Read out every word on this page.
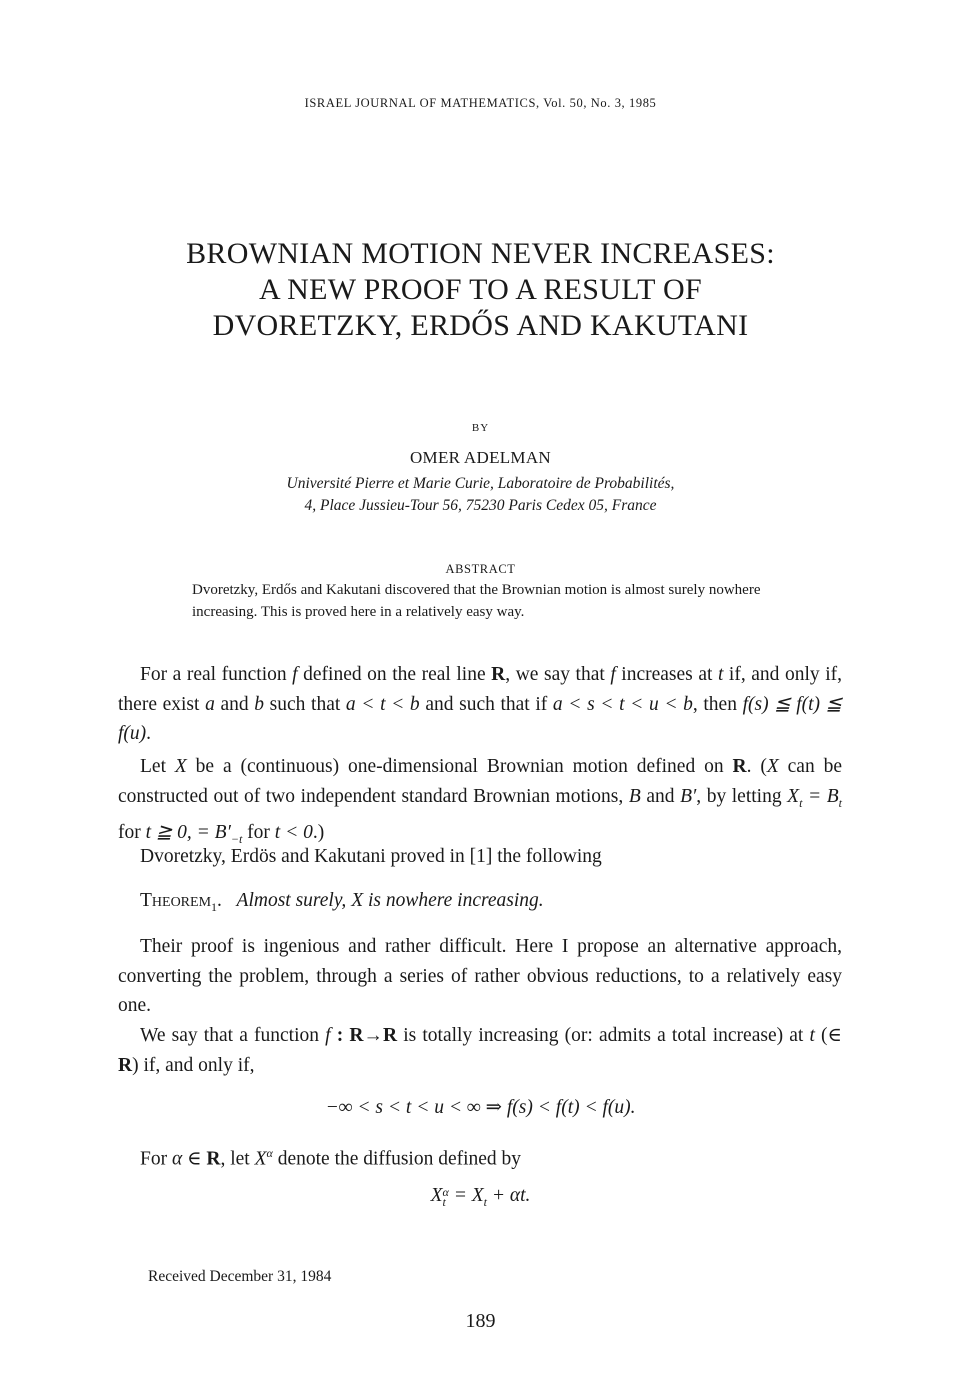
ISRAEL JOURNAL OF MATHEMATICS, Vol. 50, No. 3, 1985
BROWNIAN MOTION NEVER INCREASES:
A NEW PROOF TO A RESULT OF
DVORETZKY, ERDŐS AND KAKUTANI
BY
OMER ADELMAN
Université Pierre et Marie Curie, Laboratoire de Probabilités,
4, Place Jussieu-Tour 56, 75230 Paris Cedex 05, France
ABSTRACT
Dvoretzky, Erdős and Kakutani discovered that the Brownian motion is almost surely nowhere increasing. This is proved here in a relatively easy way.
For a real function f defined on the real line R, we say that f increases at t if, and only if, there exist a and b such that a < t < b and such that if a < s < t < u < b, then f(s) ≦ f(t) ≦ f(u).
Let X be a (continuous) one-dimensional Brownian motion defined on R. (X can be constructed out of two independent standard Brownian motions, B and B′, by letting $X_t = B_t$ for t ≧ 0, = $B'_{-t}$ for t < 0.)
Dvoretzky, Erdös and Kakutani proved in [1] the following
Theorem$_1$. Almost surely, X is nowhere increasing.
Their proof is ingenious and rather difficult. Here I propose an alternative approach, converting the problem, through a series of rather obvious reductions, to a relatively easy one.
We say that a function f : R→R is totally increasing (or: admits a total increase) at t (∈ R) if, and only if,
−∞ < s < t < u < ∞ ⇒ f(s) < f(t) < f(u).
For α ∈ R, let $X^\alpha$ denote the diffusion defined by
X α
$t = X_t + \alpha t$.
Received December 31, 1984
189
